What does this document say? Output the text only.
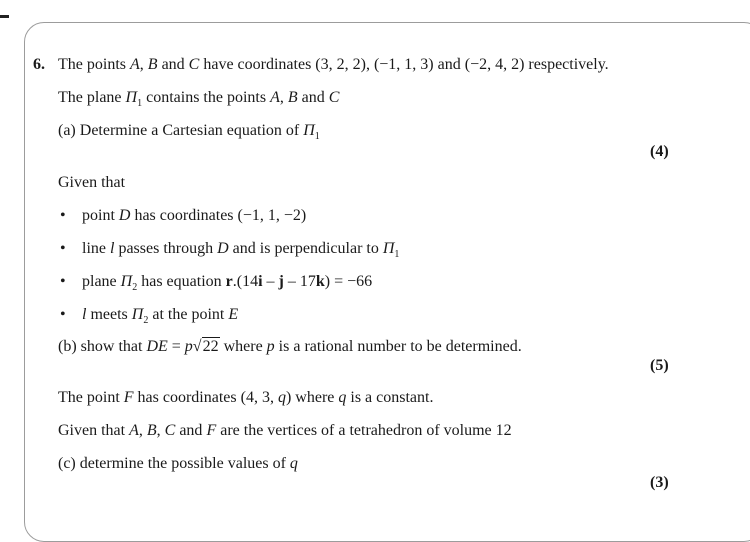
6. The points A, B and C have coordinates (3, 2, 2), (−1, 1, 3) and (−2, 4, 2) respectively.
The plane $\Pi_1$ contains the points A, B and C
(a) Determine a Cartesian equation of $\Pi_1$
(4)
Given that
• point D has coordinates (−1, 1, −2)
• line l passes through D and is perpendicular to $\Pi_1$
• plane $\Pi_2$ has equation r.(14i – j – 17k) = −66
• l meets $\Pi_2$ at the point E
(b) show that DE = p√22 where p is a rational number to be determined.
(5)
The point F has coordinates (4, 3, q) where q is a constant.
Given that A, B, C and F are the vertices of a tetrahedron of volume 12
(c) determine the possible values of q
(3)
